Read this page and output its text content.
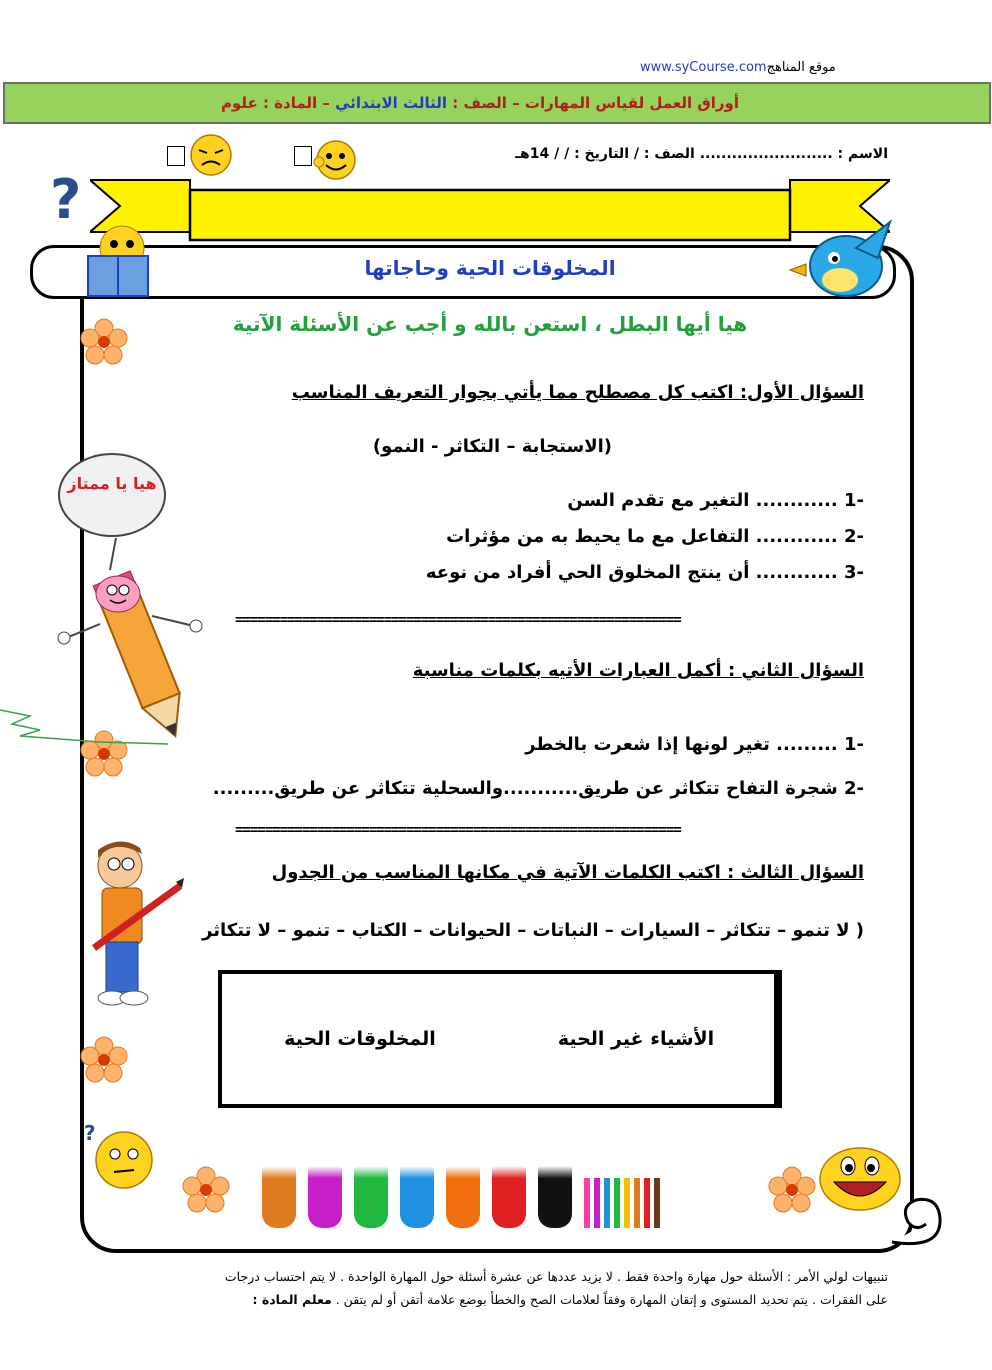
www.syCourse.comموقع المناهج
أوراق العمل لقياس المهارات – الصف : الثالث الابتدائي – المادة : علوم
الاسم : ......................... الصف : / التاريخ : / / 14هـ
?
المخلوقات الحية وحاجاتها
هيا أيها البطل ، استعن بالله و أجب عن الأسئلة الآتية
السؤال الأول: اكتب كل مصطلح مما يأتي بجوار التعريف المناسب
(الاستجابة – التكاثر - النمو)
-1 ............ التغير مع تقدم السن
-2 ............ التفاعل مع ما يحيط به من مؤثرات
-3 ............ أن ينتج المخلوق الحي أفراد من نوعه
============================================================
هيا يا ممتاز
السؤال الثاني : أكمل العبارات الأتيه بكلمات مناسبة
-1 ......... تغير لونها إذا شعرت بالخطر
-2 شجرة التفاح تتكاثر عن طريق...........والسحلية تتكاثر عن طريق.........
============================================================
السؤال الثالث : اكتب الكلمات الآتية في مكانها المناسب من الجدول
( لا تنمو – تتكاثر – السيارات – النباتات – الحيوانات – الكتاب – تنمو – لا تتكاثر
المخلوقات الحية	الأشياء غير الحية
?
تنبيهات لولي الأمر : الأسئلة حول مهارة واحدة فقط . لا يزيد عددها عن عشرة أسئلة حول المهارة الواحدة . لا يتم احتساب درجات
على الفقرات . يتم تحديد المستوى و إتقان المهارة وفقاً لعلامات الصح والخطأ بوضع علامة أتقن أو لم يتقن . معلم المادة :
